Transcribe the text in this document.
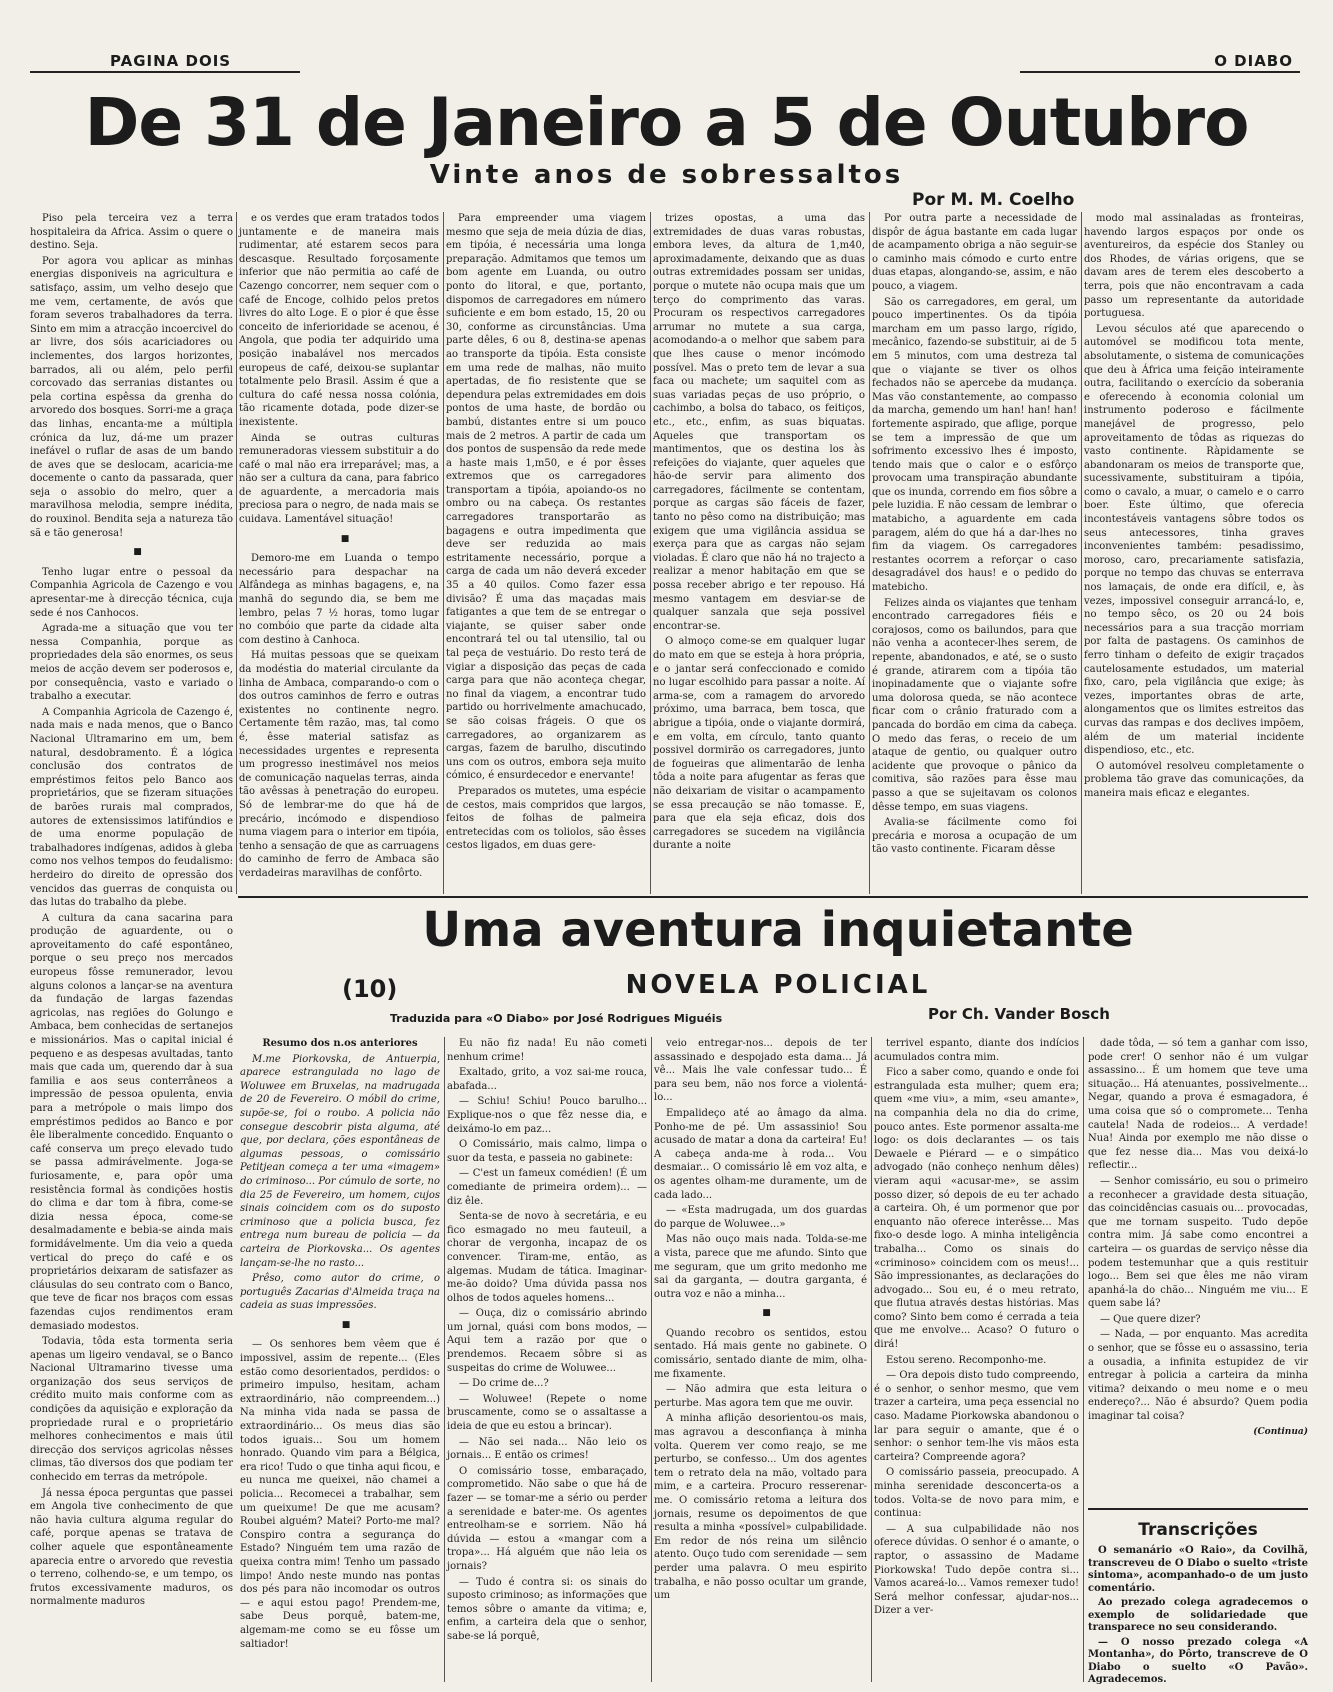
PAGINA DOIS	O DIABO
De 31 de Janeiro a 5 de Outubro
Vinte anos de sobressaltos
Por M. M. Coelho

Piso pela terceira vez a terra hospitaleira da Africa. Assim o quere o destino. Seja.

Por agora vou aplicar as minhas energias disponiveis na agricultura e satisfaço, assim, um velho desejo que me vem, certamente, de avós que foram severos trabalhadores da terra. Sinto em mim a atracção incoercivel do ar livre, dos sóis acariciadores ou inclementes, dos largos horizontes, barrados, ali ou além, pelo perfil corcovado das serranias distantes ou pela cortina espêssa da grenha do arvoredo dos bosques. Sorri-me a graça das linhas, encanta-me a múltipla crónica da luz, dá-me um prazer inefável o ruflar de asas de um bando de aves que se deslocam, acaricia-me docemente o canto da passarada, quer seja o assobio do melro, quer a maravilhosa melodia, sempre inédita, do rouxinol. Bendita seja a natureza tão sã e tão generosa!

■

Tenho lugar entre o pessoal da Companhia Agricola de Cazengo e vou apresentar-me à direcção técnica, cuja sede é nos Canhocos.

Agrada-me a situação que vou ter nessa Companhia, porque as propriedades dela são enormes, os seus meios de acção devem ser poderosos e, por consequência, vasto e variado o trabalho a executar.

A Companhia Agricola de Cazengo é, nada mais e nada menos, que o Banco Nacional Ultramarino em um, bem natural, desdobramento. É a lógica conclusão dos contratos de empréstimos feitos pelo Banco aos proprietários, que se fizeram situações de barões rurais mal comprados, autores de extensissimos latifúndios e de uma enorme população de trabalhadores indígenas, adidos à gleba como nos velhos tempos do feudalismo: herdeiro do direito de opressão dos vencidos das guerras de conquista ou das lutas do trabalho da plebe.

A cultura da cana sacarina para produção de aguardente, ou o aproveitamento do café espontâneo, porque o seu preço nos mercados europeus fôsse remunerador, levou alguns colonos a lançar-se na aventura da fundação de largas fazendas agricolas, nas regiões do Golungo e Ambaca, bem conhecidas de sertanejos e missionários. Mas o capital inicial é pequeno e as despesas avultadas, tanto mais que cada um, querendo dar à sua familia e aos seus conterrâneos a impressão de pessoa opulenta, envia para a metrópole o mais limpo dos empréstimos pedidos ao Banco e por êle liberalmente concedido. Enquanto o café conserva um preço elevado tudo se passa admirávelmente. Joga-se furiosamente, e, para opôr uma resistência formal às condições hostis do clima e dar tom à fibra, come-se dizia nessa época, come-se desalmadamente e bebia-se ainda mais formidávelmente. Um dia veio a queda vertical do preço do café e os proprietários deixaram de satisfazer as cláusulas do seu contrato com o Banco, que teve de ficar nos braços com essas fazendas cujos rendimentos eram demasiado modestos.

Todavia, tôda esta tormenta seria apenas um ligeiro vendaval, se o Banco Nacional Ultramarino tivesse uma organização dos seus serviços de crédito muito mais conforme com as condições da aquisição e exploração da propriedade rural e o proprietário melhores conhecimentos e mais útil direcção dos serviços agricolas nêsses climas, tão diversos dos que podiam ter conhecido em terras da metrópole.

Já nessa época perguntas que passei em Angola tive conhecimento de que não havia cultura alguma regular do café, porque apenas se tratava de colher aquele que espontâneamente aparecia entre o arvoredo que revestia o terreno, colhendo-se, e um tempo, os frutos excessivamente maduros, os normalmente maduros

e os verdes que eram tratados todos juntamente e de maneira mais rudimentar, até estarem secos para descasque. Resultado forçosamente inferior que não permitia ao café de Cazengo concorrer, nem sequer com o café de Encoge, colhido pelos pretos livres do alto Loge. E o pior é que êsse conceito de inferioridade se acenou, é Angola, que podia ter adquirido uma posição inabalável nos mercados europeus de café, deixou-se suplantar totalmente pelo Brasil. Assim é que a cultura do café nessa nossa colónia, tão ricamente dotada, pode dizer-se inexistente.

Ainda se outras culturas remuneradoras viessem substituir a do café o mal não era irreparável; mas, a não ser a cultura da cana, para fabrico de aguardente, a mercadoria mais preciosa para o negro, de nada mais se cuidava. Lamentável situação!

■

Demoro-me em Luanda o tempo necessário para despachar na Alfândega as minhas bagagens, e, na manhã do segundo dia, se bem me lembro, pelas 7 ½ horas, tomo lugar no combóio que parte da cidade alta com destino à Canhoca.

Há muitas pessoas que se queixam da modéstia do material circulante da linha de Ambaca, comparando-o com o dos outros caminhos de ferro e outras existentes no continente negro. Certamente têm razão, mas, tal como é, êsse material satisfaz as necessidades urgentes e representa um progresso inestimável nos meios de comunicação naquelas terras, ainda tão avêssas à penetração do europeu. Só de lembrar-me do que há de precário, incómodo e dispendioso numa viagem para o interior em tipóia, tenho a sensação de que as carruagens do caminho de ferro de Ambaca são verdadeiras maravilhas de confôrto.

Para empreender uma viagem mesmo que seja de meia dúzia de dias, em tipóia, é necessária uma longa preparação. Admitamos que temos um bom agente em Luanda, ou outro ponto do litoral, e que, portanto, dispomos de carregadores em número suficiente e em bom estado, 15, 20 ou 30, conforme as circunstâncias. Uma parte dêles, 6 ou 8, destina-se apenas ao transporte da tipóia. Esta consiste em uma rede de malhas, não muito apertadas, de fio resistente que se dependura pelas extremidades em dois pontos de uma haste, de bordão ou bambú, distantes entre si um pouco mais de 2 metros. A partir de cada um dos pontos de suspensão da rede mede a haste mais 1,m50, e é por êsses extremos que os carregadores transportam a tipóia, apoiando-os no ombro ou na cabeça. Os restantes carregadores transportarão as bagagens e outra impedimenta que deve ser reduzida ao mais estritamente necessário, porque a carga de cada um não deverá exceder 35 a 40 quilos. Como fazer essa divisão? É uma das maçadas mais fatigantes a que tem de se entregar o viajante, se quiser saber onde encontrará tel ou tal utensilio, tal ou tal peça de vestuário. Do resto terá de vigiar a disposição das peças de cada carga para que não aconteça chegar, no final da viagem, a encontrar tudo partido ou horrivelmente amachucado, se são coisas frágeis. O que os carregadores, ao organizarem as cargas, fazem de barulho, discutindo uns com os outros, embora seja muito cómico, é ensurdecedor e enervante!

Preparados os mutetes, uma espécie de cestos, mais compridos que largos, feitos de folhas de palmeira entretecidas com os toliolos, são êsses cestos ligados, em duas gere-

trizes opostas, a uma das extremidades de duas varas robustas, embora leves, da altura de 1,m40, aproximadamente, deixando que as duas outras extremidades possam ser unidas, porque o mutete não ocupa mais que um terço do comprimento das varas. Procuram os respectivos carregadores arrumar no mutete a sua carga, acomodando-a o melhor que sabem para que lhes cause o menor incómodo possível. Mas o preto tem de levar a sua faca ou machete; um saquitel com as suas variadas peças de uso próprio, o cachimbo, a bolsa do tabaco, os feitiços, etc., etc., enfim, as suas biquatas. Aqueles que transportam os mantimentos, que os destina los às refeições do viajante, quer aqueles que hão-de servir para alimento dos carregadores, fácilmente se contentam, porque as cargas são fáceis de fazer, tanto no pêso como na distribuição; mas exigem que uma vigilância assidua se exerça para que as cargas não sejam violadas. É claro que não há no trajecto a realizar a menor habitação em que se possa receber abrigo e ter repouso. Há mesmo vantagem em desviar-se de qualquer sanzala que seja possivel encontrar-se.

O almoço come-se em qualquer lugar do mato em que se esteja à hora própria, e o jantar será confeccionado e comido no lugar escolhido para passar a noite. Aí arma-se, com a ramagem do arvoredo próximo, uma barraca, bem tosca, que abrigue a tipóia, onde o viajante dormirá, e em volta, em círculo, tanto quanto possivel dormirão os carregadores, junto de fogueiras que alimentarão de lenha tôda a noite para afugentar as feras que não deixariam de visitar o acampamento se essa precaução se não tomasse. E, para que ela seja eficaz, dois dos carregadores se sucedem na vigilância durante a noite

Por outra parte a necessidade de dispôr de água bastante em cada lugar de acampamento obriga a não seguir-se o caminho mais cómodo e curto entre duas etapas, alongando-se, assim, e não pouco, a viagem.

São os carregadores, em geral, um pouco impertinentes. Os da tipóia marcham em um passo largo, rígido, mecânico, fazendo-se substituir, ai de 5 em 5 minutos, com uma destreza tal que o viajante se tiver os olhos fechados não se apercebe da mudança. Mas vão constantemente, ao compasso da marcha, gemendo um han! han! han! fortemente aspirado, que aflige, porque se tem a impressão de que um sofrimento excessivo lhes é imposto, tendo mais que o calor e o esfôrço provocam uma transpiração abundante que os inunda, correndo em fios sôbre a pele luzidia. E não cessam de lembrar o matabicho, a aguardente em cada paragem, além do que há a dar-lhes no fim da viagem. Os carregadores restantes ocorrem a reforçar o caso desagradável dos haus! e o pedido do matebicho.

Felizes ainda os viajantes que tenham encontrado carregadores fiéis e corajosos, como os bailundos, para que não venha a acontecer-lhes serem, de repente, abandonados, e até, se o susto é grande, atirarem com a tipóia tão inopinadamente que o viajante sofre uma dolorosa queda, se não acontece ficar com o crânio fraturado com a pancada do bordão em cima da cabeça. O medo das feras, o receio de um ataque de gentio, ou qualquer outro acidente que provoque o pânico da comitiva, são razões para êsse mau passo a que se sujeitavam os colonos dêsse tempo, em suas viagens.

Avalia-se fácilmente como foi precária e morosa a ocupação de um tão vasto continente. Ficaram dêsse

modo mal assinaladas as fronteiras, havendo largos espaços por onde os aventureiros, da espécie dos Stanley ou dos Rhodes, de várias origens, que se davam ares de terem eles descoberto a terra, pois que não encontravam a cada passo um representante da autoridade portuguesa.

Levou séculos até que aparecendo o automóvel se modificou tota mente, absolutamente, o sistema de comunicações que deu à África uma feição inteiramente outra, facilitando o exercício da soberania e oferecendo à economia colonial um instrumento poderoso e fácilmente manejável de progresso, pelo aproveitamento de tôdas as riquezas do vasto continente. Ràpidamente se abandonaram os meios de transporte que, sucessivamente, substituiram a tipóia, como o cavalo, a muar, o camelo e o carro boer. Este último, que oferecia incontestáveis vantagens sôbre todos os seus antecessores, tinha graves inconvenientes também: pesadissimo, moroso, caro, precariamente satisfazia, porque no tempo das chuvas se enterrava nos lamaçais, de onde era difícil, e, às vezes, impossivel conseguir arrancá-lo, e, no tempo sêco, os 20 ou 24 bois necessários para a sua tracção morriam por falta de pastagens. Os caminhos de ferro tinham o defeito de exigir traçados cautelosamente estudados, um material fixo, caro, pela vigilância que exige; às vezes, importantes obras de arte, alongamentos que os limites estreitos das curvas das rampas e dos declives impõem, além de um material incidente dispendioso, etc., etc.

O automóvel resolveu completamente o problema tão grave das comunicações, da maneira mais eficaz e elegantes.

Uma aventura inquietante
(10)	NOVELA POLICIAL
Traduzida para «O Diabo» por José Rodrigues Miguéis	Por Ch. Vander Bosch

Resumo dos n.os anteriores

M.me Piorkovska, de Antuerpia, aparece estrangulada no lago de Woluwee em Bruxelas, na madrugada de 20 de Fevereiro. O móbil do crime, supõe-se, foi o roubo. A policia não consegue descobrir pista alguma, até que, por declara, ções espontâneas de algumas pessoas, o comissário Petitjean começa a ter uma «imagem» do criminoso... Por cúmulo de sorte, no dia 25 de Fevereiro, um homem, cujos sinais coincidem com os do suposto criminoso que a policia busca, fez entrega num bureau de policia — da carteira de Piorkovska... Os agentes lançam-se-lhe no rasto...

Prêso, como autor do crime, o português Zacarias d'Almeida traça na cadeia as suas impressões.

■

— Os senhores bem vêem que é impossivel, assim de repente... (Eles estão como desorientados, perdidos: o primeiro impulso, hesitam, acham extraordinário, não compreendem...) Na minha vida nada se passa de extraordinário... Os meus dias são todos iguais... Sou um homem honrado. Quando vim para a Bélgica, era rico! Tudo o que tinha aqui ficou, e eu nunca me queixei, não chamei a policia... Recomecei a trabalhar, sem um queixume! De que me acusam? Roubei alguém? Matei? Porto-me mal? Conspiro contra a segurança do Estado? Ninguém tem uma razão de queixa contra mim! Tenho um passado limpo! Ando neste mundo nas pontas dos pés para não incomodar os outros — e aqui estou pago! Prendem-me, sabe Deus porquê, batem-me, algemam-me como se eu fôsse um saltiador!

Eu não fiz nada! Eu não cometi nenhum crime!

Exaltado, grito, a voz sai-me rouca, abafada...

— Schiu! Schiu! Pouco barulho... Explique-nos o que fêz nesse dia, e deixámo-lo em paz...

O Comissário, mais calmo, limpa o suor da testa, e passeia no gabinete:

— C'est un fameux comédien! (É um comediante de primeira ordem)... — diz êle.

Senta-se de novo à secretária, e eu fico esmagado no meu fauteuil, a chorar de vergonha, incapaz de os convencer. Tiram-me, então, as algemas. Mudam de tática. Imaginar-me-ão doido? Uma dúvida passa nos olhos de todos aqueles homens...

— Ouça, diz o comissário abrindo um jornal, quási com bons modos, — Aqui tem a razão por que o prendemos. Recaem sôbre si as suspeitas do crime de Woluwee...

— Do crime de...?

— Woluwee! (Repete o nome bruscamente, como se o assaltasse a ideia de que eu estou a brincar).

— Não sei nada... Não leio os jornais... E então os crimes!

O comissário tosse, embaraçado, comprometido. Não sabe o que há de fazer — se tomar-me a sério ou perder a serenidade e bater-me. Os agentes entreolham-se e sorriem. Não há dúvida — estou a «mangar com a tropa»... Há alguém que não leia os jornais?

— Tudo é contra si: os sinais do suposto criminoso; as informações que temos sôbre o amante da vitima; e, enfim, a carteira dela que o senhor, sabe-se lá porquê,

veio entregar-nos... depois de ter assassinado e despojado esta dama... Já vê... Mais lhe vale confessar tudo... É para seu bem, não nos force a violentá-lo...

Empalideço até ao âmago da alma. Ponho-me de pé. Um assassinio! Sou acusado de matar a dona da carteira! Eu! A cabeça anda-me à roda... Vou desmaiar... O comissário lê em voz alta, e os agentes olham-me duramente, um de cada lado...

— «Esta madrugada, um dos guardas do parque de Woluwee...»

Mas não ouço mais nada. Tolda-se-me a vista, parece que me afundo. Sinto que me seguram, que um grito medonho me sai da garganta, — doutra garganta, é outra voz e não a minha...

■

Quando recobro os sentidos, estou sentado. Há mais gente no gabinete. O comissário, sentado diante de mim, olha-me fixamente.

— Não admira que esta leitura o perturbe. Mas agora tem que me ouvir.

A minha aflição desorientou-os mais, mas agravou a desconfiança à minha volta. Querem ver como reajo, se me perturbo, se confesso... Um dos agentes tem o retrato dela na mão, voltado para mim, e a carteira. Procuro resserenar-me. O comissário retoma a leitura dos jornais, resume os depoimentos de que resulta a minha «possível» culpabilidade. Em redor de nós reina um silêncio atento. Ouço tudo com serenidade — sem perder uma palavra. O meu espirito trabalha, e não posso ocultar um grande, um

terrivel espanto, diante dos indícios acumulados contra mim.

Fico a saber como, quando e onde foi estrangulada esta mulher; quem era; quem «me viu», a mim, «seu amante», na companhia dela no dia do crime, pouco antes. Este pormenor assalta-me logo: os dois declarantes — os tais Dewaele e Piérard — e o simpático advogado (não conheço nenhum dêles) vieram aqui «acusar-me», se assim posso dizer, só depois de eu ter achado a carteira. Oh, é um pormenor que por enquanto não oferece interêsse... Mas fixo-o desde logo. A minha inteligência trabalha... Como os sinais do «criminoso» coincidem com os meus!... São impressionantes, as declarações do advogado... Sou eu, é o meu retrato, que flutua através destas histórias. Mas como? Sinto bem como é cerrada a teia que me envolve... Acaso? O futuro o dirá!

Estou sereno. Recomponho-me.

— Ora depois disto tudo compreendo, é o senhor, o senhor mesmo, que vem trazer a carteira, uma peça essencial no caso. Madame Piorkowska abandonou o lar para seguir o amante, que é o senhor: o senhor tem-lhe vis mãos esta carteira? Compreende agora?

O comissário passeia, preocupado. A minha serenidade desconcerta-os a todos. Volta-se de novo para mim, e continua:

— A sua culpabilidade não nos oferece dúvidas. O senhor é o amante, o raptor, o assassino de Madame Piorkowska! Tudo depõe contra si... Vamos acareá-lo... Vamos remexer tudo! Será melhor confessar, ajudar-nos... Dizer a ver-

dade tôda, — só tem a ganhar com isso, pode crer! O senhor não é um vulgar assassino... É um homem que teve uma situação... Há atenuantes, possivelmente... Negar, quando a prova é esmagadora, é uma coisa que só o compromete... Tenha cautela! Nada de rodeios... A verdade! Nua! Ainda por exemplo me não disse o que fez nesse dia... Mas vou deixá-lo reflectir...

— Senhor comissário, eu sou o primeiro a reconhecer a gravidade desta situação, das coincidências casuais ou... provocadas, que me tornam suspeito. Tudo depõe contra mim. Já sabe como encontrei a carteira — os guardas de serviço nêsse dia podem testemunhar que a quis restituir logo... Bem sei que êles me não viram apanhá-la do chão... Ninguém me viu... E quem sabe lá?

— Que quere dizer?

— Nada, — por enquanto. Mas acredita o senhor, que se fôsse eu o assassino, teria a ousadia, a infinita estupidez de vir entregar à policia a carteira da minha vitima? deixando o meu nome e o meu endereço?... Não é absurdo? Quem podia imaginar tal coisa?

(Continua)

Transcrições

O semanário «O Raio», da Covilhã, transcreveu de O Diabo o suelto «triste sintoma», acompanhado-o de um justo comentário.

Ao prezado colega agradecemos o exemplo de solidariedade que transparece no seu considerando.

— O nosso prezado colega «A Montanha», do Pôrto, transcreve de O Diabo o suelto «O Pavão». Agradecemos.
